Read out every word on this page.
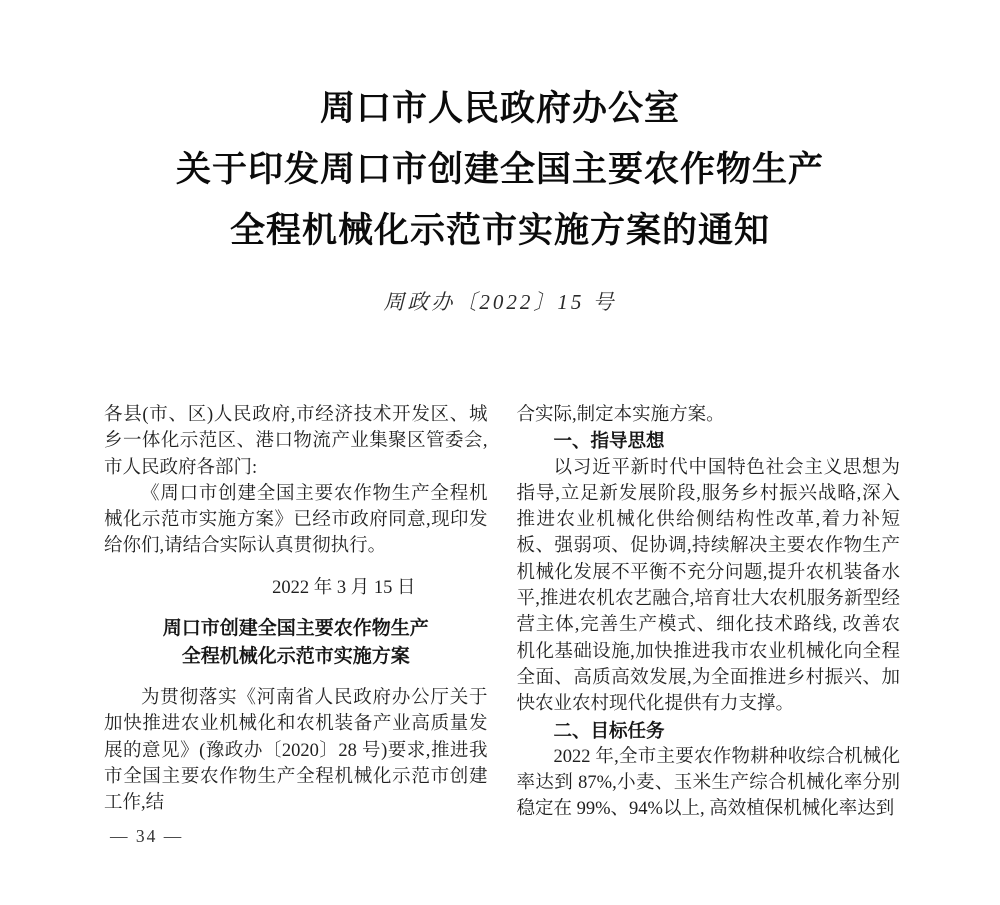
周口市人民政府办公室
关于印发周口市创建全国主要农作物生产
全程机械化示范市实施方案的通知
周政办〔2022〕15 号

各县(市、区)人民政府,市经济技术开发区、城乡一体化示范区、港口物流产业集聚区管委会,市人民政府各部门:

《周口市创建全国主要农作物生产全程机械化示范市实施方案》已经市政府同意,现印发给你们,请结合实际认真贯彻执行。

2022 年 3 月 15 日

周口市创建全国主要农作物生产
全程机械化示范市实施方案

为贯彻落实《河南省人民政府办公厅关于加快推进农业机械化和农机装备产业高质量发展的意见》(豫政办〔2020〕28 号)要求,推进我市全国主要农作物生产全程机械化示范市创建工作,结

合实际,制定本实施方案。

一、指导思想

以习近平新时代中国特色社会主义思想为指导,立足新发展阶段,服务乡村振兴战略,深入推进农业机械化供给侧结构性改革,着力补短板、强弱项、促协调,持续解决主要农作物生产机械化发展不平衡不充分问题,提升农机装备水平,推进农机农艺融合,培育壮大农机服务新型经营主体,完善生产模式、细化技术路线, 改善农机化基础设施,加快推进我市农业机械化向全程全面、高质高效发展,为全面推进乡村振兴、加快农业农村现代化提供有力支撑。

二、目标任务

2022 年,全市主要农作物耕种收综合机械化率达到 87%,小麦、玉米生产综合机械化率分别稳定在 99%、94%以上, 高效植保机械化率达到

— 34 —
